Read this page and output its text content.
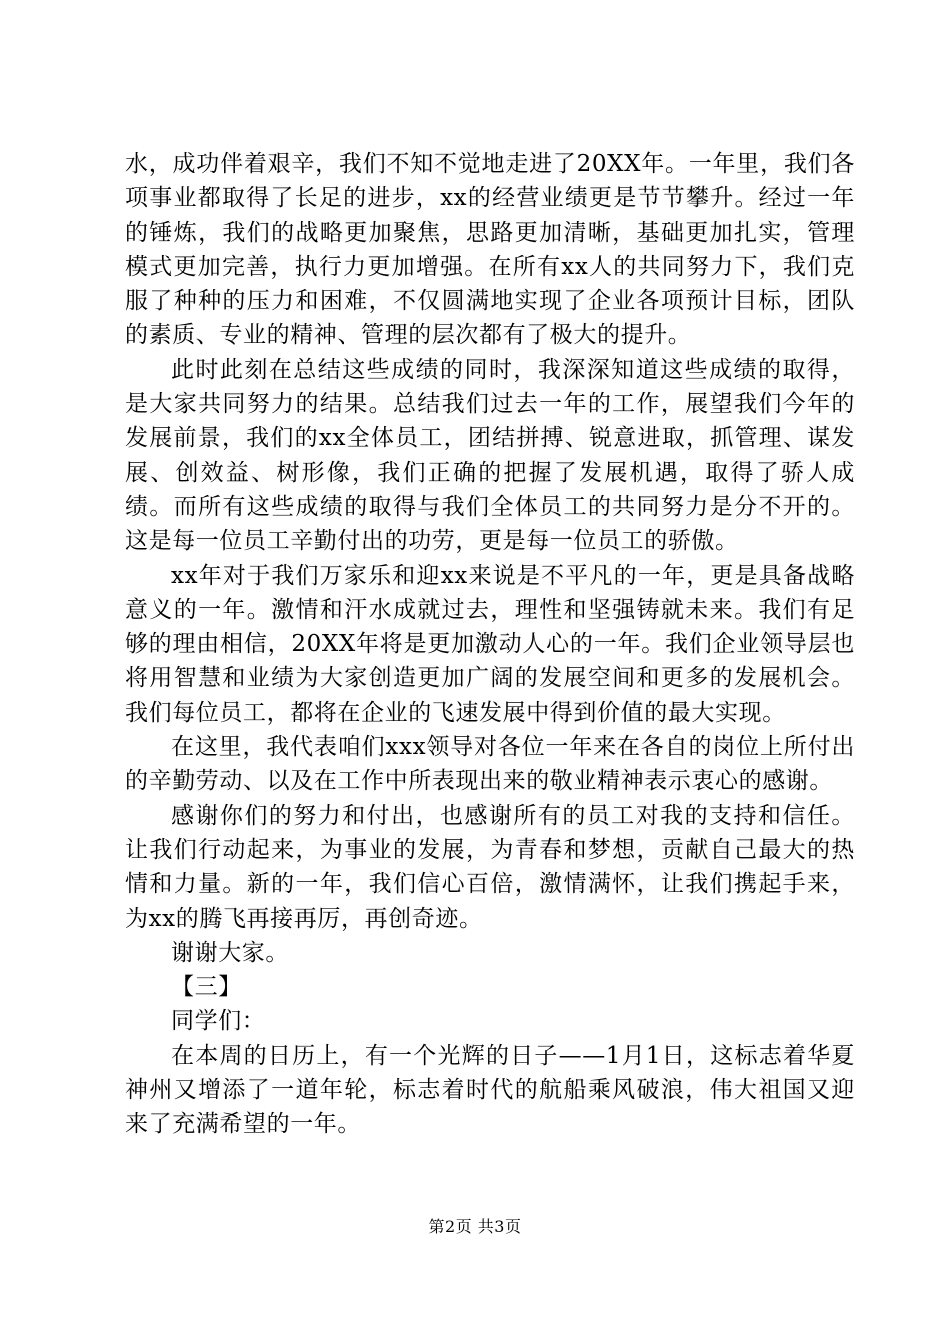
水，成功伴着艰辛，我们不知不觉地走进了20XX年。一年里，我们各项事业都取得了长足的进步，xx的经营业绩更是节节攀升。经过一年的锤炼，我们的战略更加聚焦，思路更加清晰，基础更加扎实，管理模式更加完善，执行力更加增强。在所有xx人的共同努力下，我们克服了种种的压力和困难，不仅圆满地实现了企业各项预计目标，团队的素质、专业的精神、管理的层次都有了极大的提升。

此时此刻在总结这些成绩的同时，我深深知道这些成绩的取得，是大家共同努力的结果。总结我们过去一年的工作，展望我们今年的发展前景，我们的xx全体员工，团结拼搏、锐意进取，抓管理、谋发展、创效益、树形像，我们正确的把握了发展机遇，取得了骄人成绩。而所有这些成绩的取得与我们全体员工的共同努力是分不开的。这是每一位员工辛勤付出的功劳，更是每一位员工的骄傲。

xx年对于我们万家乐和迎xx来说是不平凡的一年，更是具备战略意义的一年。激情和汗水成就过去，理性和坚强铸就未来。我们有足够的理由相信，20XX年将是更加激动人心的一年。我们企业领导层也将用智慧和业绩为大家创造更加广阔的发展空间和更多的发展机会。我们每位员工，都将在企业的飞速发展中得到价值的最大实现。

在这里，我代表咱们xxx领导对各位一年来在各自的岗位上所付出的辛勤劳动、以及在工作中所表现出来的敬业精神表示衷心的感谢。

感谢你们的努力和付出，也感谢所有的员工对我的支持和信任。让我们行动起来，为事业的发展，为青春和梦想，贡献自己最大的热情和力量。新的一年，我们信心百倍，激情满怀，让我们携起手来，为xx的腾飞再接再厉，再创奇迹。

谢谢大家。

【三】

同学们：

在本周的日历上，有一个光辉的日子——1月1日，这标志着华夏神州又增添了一道年轮，标志着时代的航船乘风破浪，伟大祖国又迎来了充满希望的一年。

第2页 共3页
